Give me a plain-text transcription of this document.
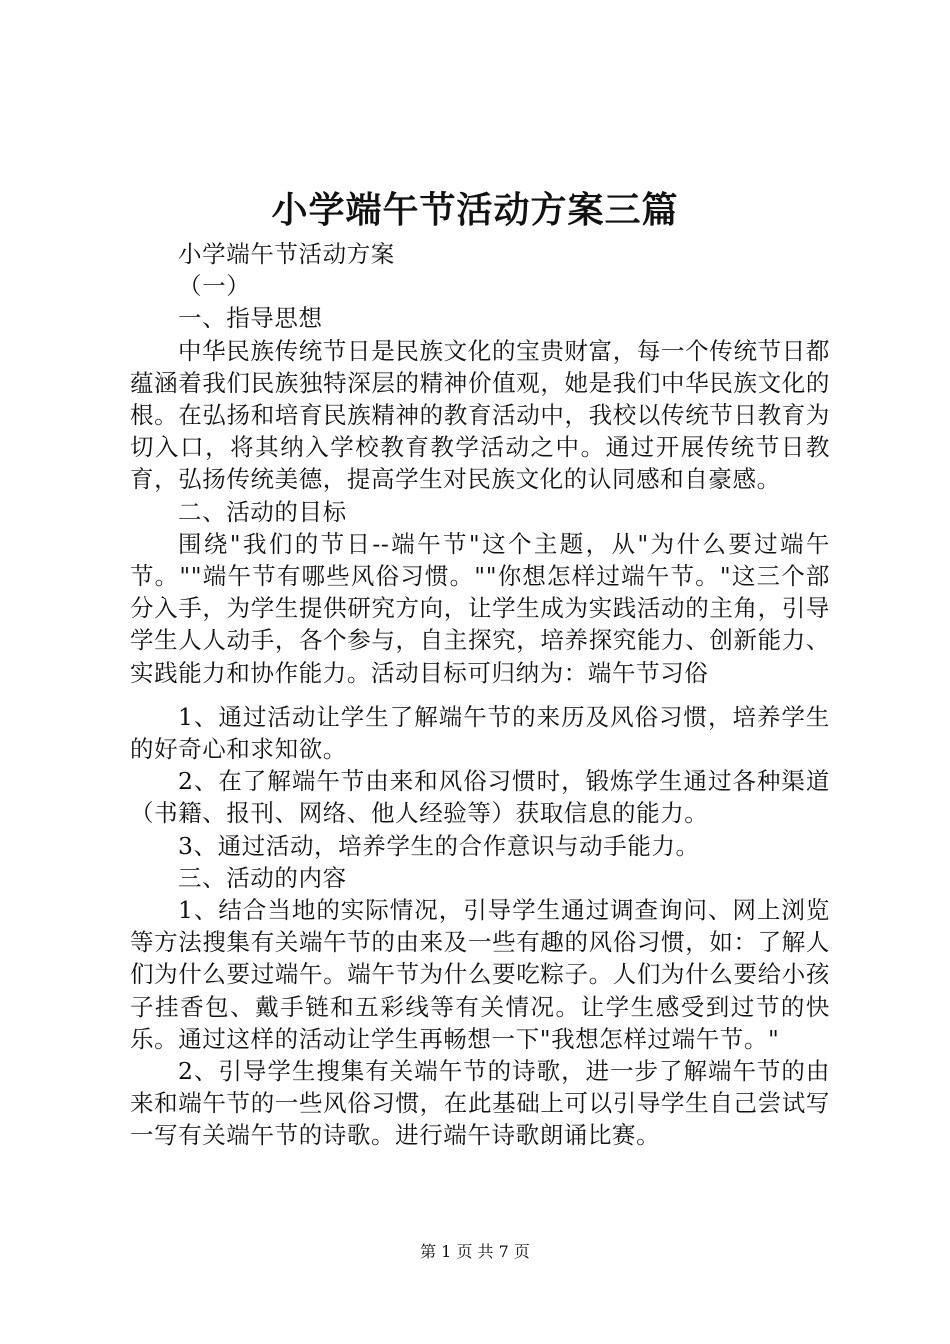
小学端午节活动方案三篇

小学端午节活动方案

（一）

一、指导思想

中华民族传统节日是民族文化的宝贵财富，每一个传统节日都蕴涵着我们民族独特深层的精神价值观，她是我们中华民族文化的根。在弘扬和培育民族精神的教育活动中，我校以传统节日教育为切入口，将其纳入学校教育教学活动之中。通过开展传统节日教育，弘扬传统美德，提高学生对民族文化的认同感和自豪感。

二、活动的目标

围绕"我们的节日--端午节"这个主题，从"为什么要过端午节。""端午节有哪些风俗习惯。""你想怎样过端午节。"这三个部分入手，为学生提供研究方向，让学生成为实践活动的主角，引导学生人人动手，各个参与，自主探究，培养探究能力、创新能力、实践能力和协作能力。活动目标可归纳为：端午节习俗

1、通过活动让学生了解端午节的来历及风俗习惯，培养学生的好奇心和求知欲。

2、在了解端午节由来和风俗习惯时，锻炼学生通过各种渠道（书籍、报刊、网络、他人经验等）获取信息的能力。

3、通过活动，培养学生的合作意识与动手能力。

三、活动的内容

1、结合当地的实际情况，引导学生通过调查询问、网上浏览等方法搜集有关端午节的由来及一些有趣的风俗习惯，如：了解人们为什么要过端午。端午节为什么要吃粽子。人们为什么要给小孩子挂香包、戴手链和五彩线等有关情况。让学生感受到过节的快乐。通过这样的活动让学生再畅想一下"我想怎样过端午节。"

2、引导学生搜集有关端午节的诗歌，进一步了解端午节的由来和端午节的一些风俗习惯，在此基础上可以引导学生自己尝试写一写有关端午节的诗歌。进行端午诗歌朗诵比赛。

第 1 页 共 7 页
